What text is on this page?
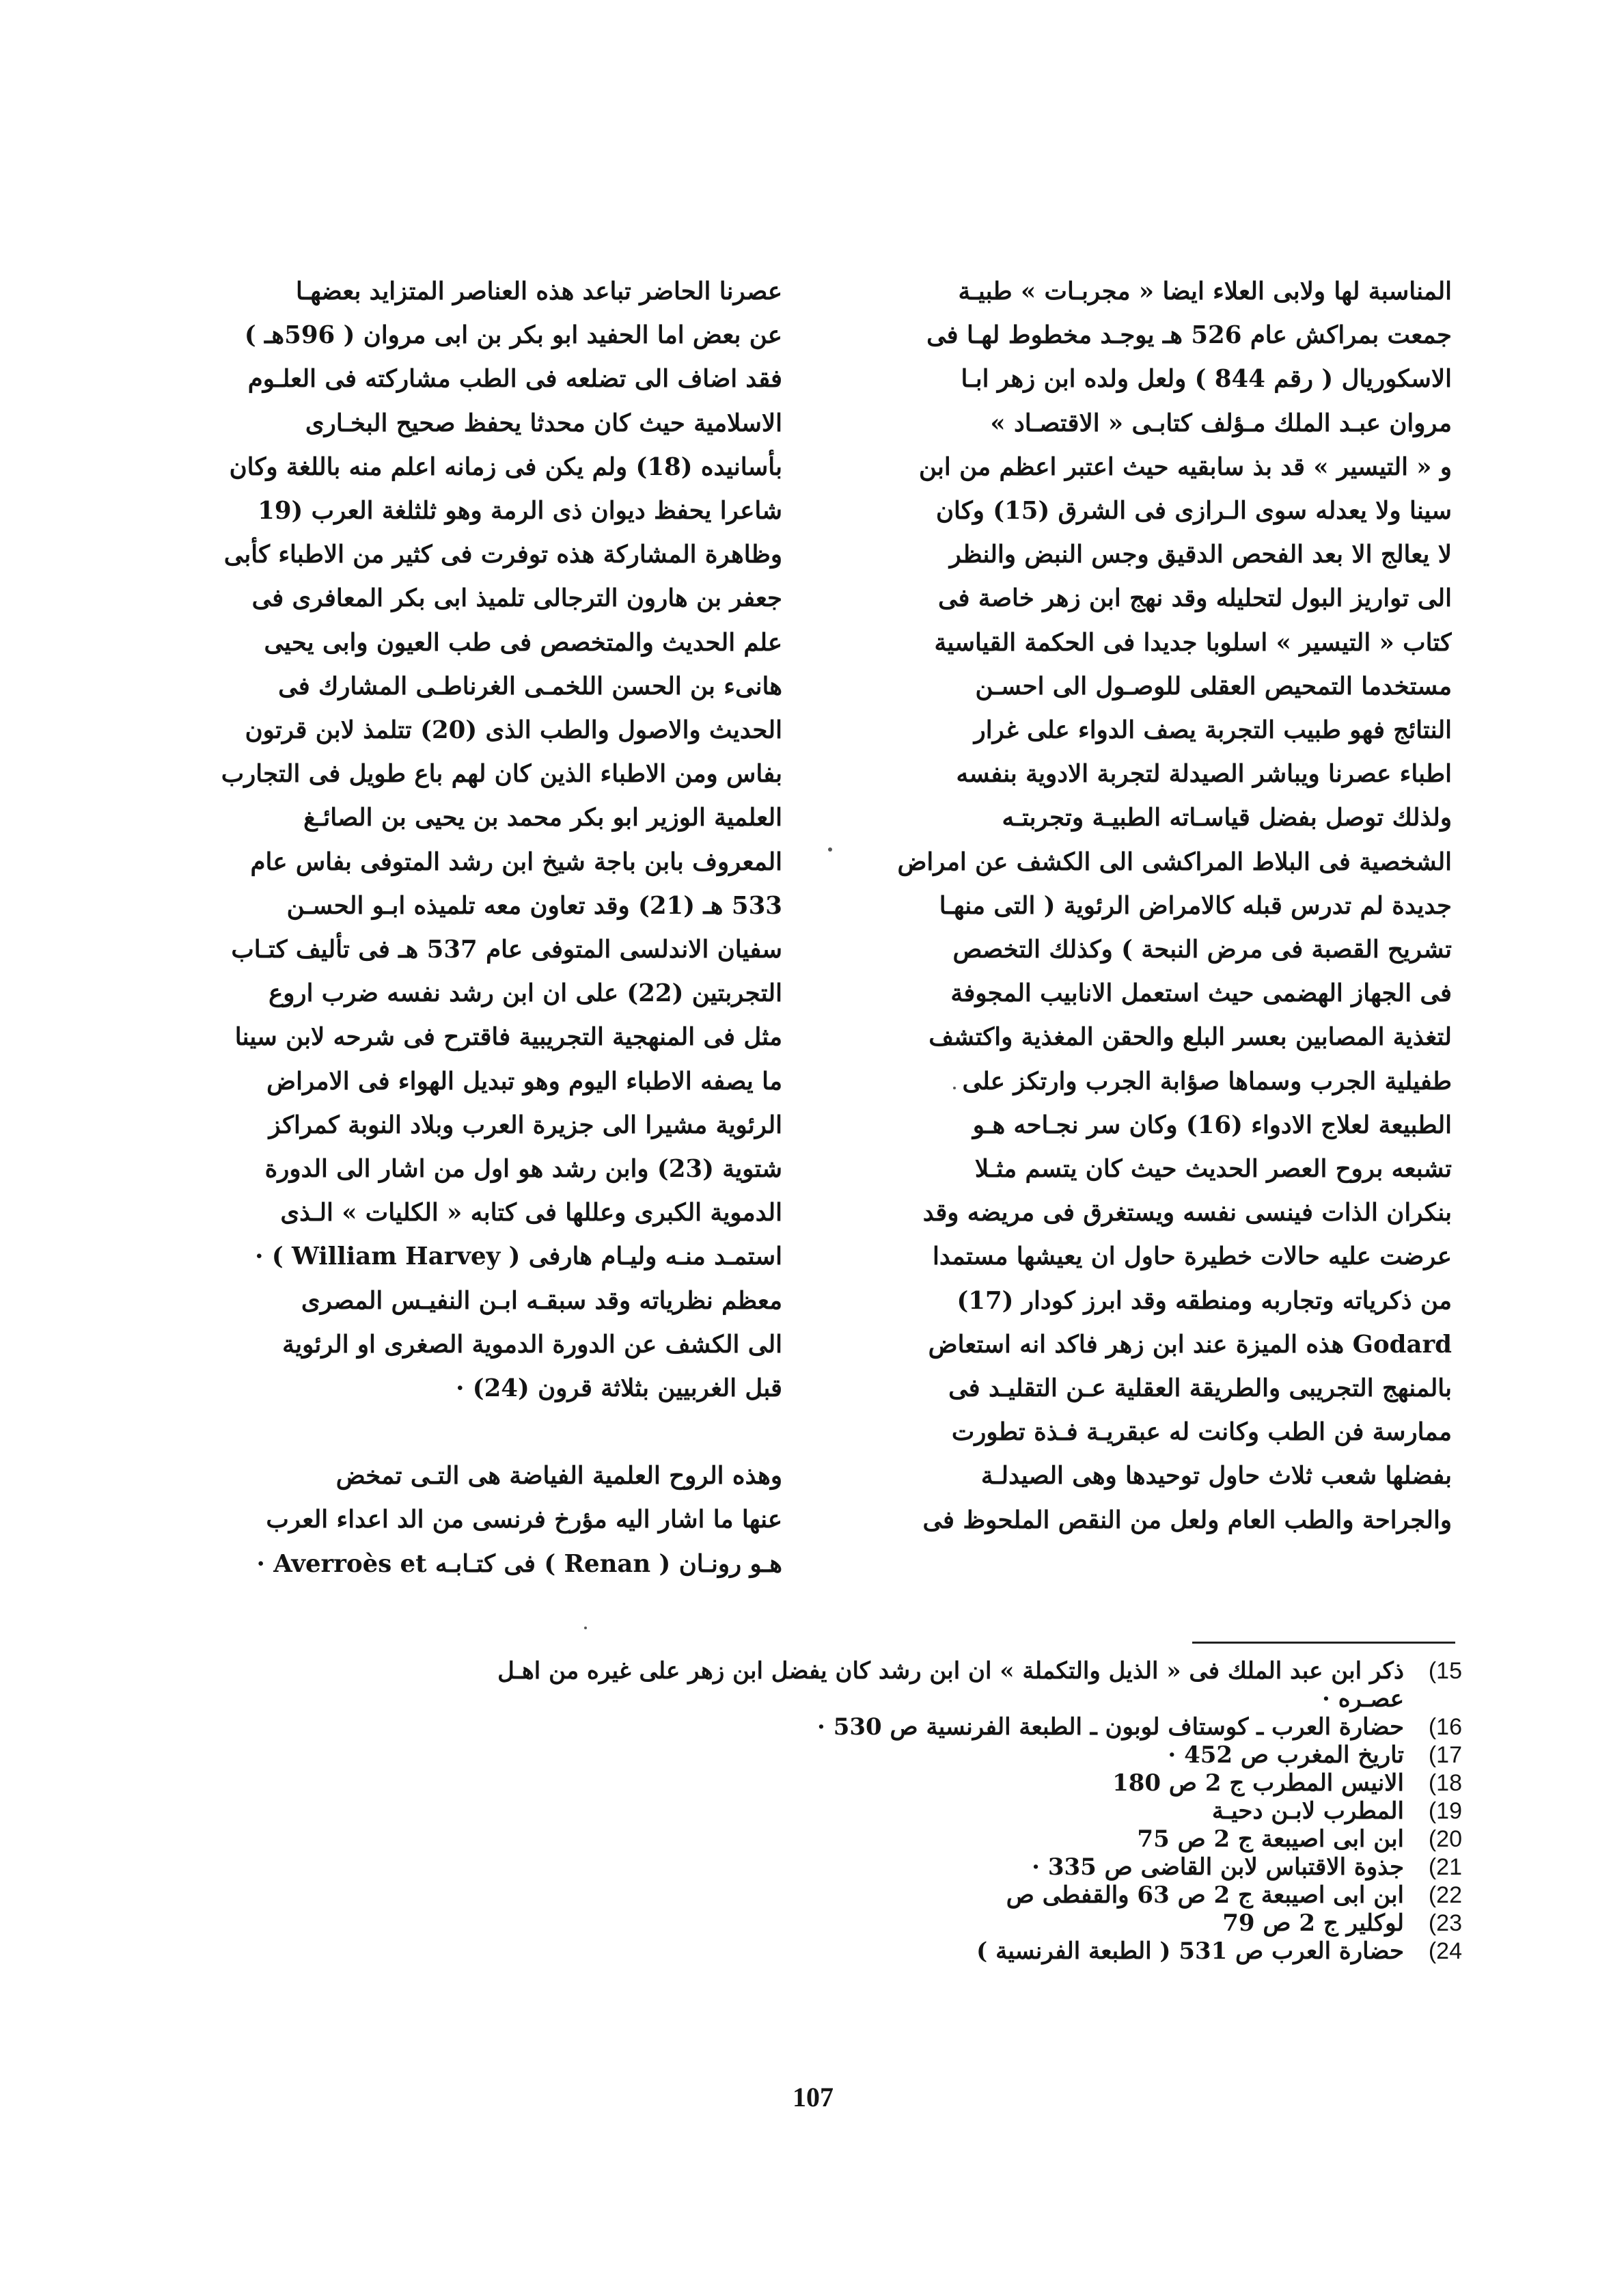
المناسبة لها ولابى العلاء ايضا « مجربـات » طبيـة
جمعت بمراكش عام 526 هـ يوجـد مخطوط لهـا فى
الاسكوريال ( رقم 844 ) ولعل ولده ابن زهر ابـا
مروان عبـد الملك مـؤلف كتابـى « الاقتصـاد »
و « التيسير » قد بذ سابقيه حيث اعتبر اعظم من ابن
سينا ولا يعدله سوى الـرازى فى الشرق (15) وكان
لا يعالج الا بعد الفحص الدقيق وجس النبض والنظر
الى تواريز البول لتحليله وقد نهج ابن زهر خاصة فى
كتاب « التيسير » اسلوبا جديدا فى الحكمة القياسية
مستخدما التمحيص العقلى للوصـول الى احسـن
النتائج فهو طبيب التجربة يصف الدواء على غرار
اطباء عصرنا ويباشر الصيدلة لتجربة الادوية بنفسه
ولذلك توصل بفضل قياسـاته الطبيـة وتجربتـه
الشخصية فى البلاط المراكشى الى الكشف عن امراض
جديدة لم تدرس قبله كالامراض الرئوية ( التى منهـا
تشريح القصبة فى مرض النبحة ) وكذلك التخصص
فى الجهاز الهضمى حيث استعمل الانابيب المجوفة
لتغذية المصابين بعسر البلع والحقن المغذية واكتشف
طفيلية الجرب وسماها صؤابة الجرب وارتكز على
الطبيعة لعلاج الادواء (16) وكان سر نجـاحه هـو
تشبعه بروح العصر الحديث حيث كان يتسم مثـلا
بنكران الذات فينسى نفسه ويستغرق فى مريضه وقد
عرضت عليه حالات خطيرة حاول ان يعيشها مستمدا
من ذكرياته وتجاربه ومنطقه وقد ابرز كودار (17)
Godard هذه الميزة عند ابن زهر فاكد انه استعاض
بالمنهج التجريبى والطريقة العقلية عـن التقليـد فى
ممارسة فن الطب وكانت له عبقريـة فـذة تطورت
بفضلها شعب ثلاث حاول توحيدها وهى الصيدلـة
والجراحة والطب العام ولعل من النقص الملحوظ فى
عصرنا الحاضر تباعد هذه العناصر المتزايد بعضهـا
عن بعض اما الحفيد ابو بكر بن ابى مروان ( 596هـ )
فقد اضاف الى تضلعه فى الطب مشاركته فى العلـوم
الاسلامية حيث كان محدثا يحفظ صحيح البخـارى
بأسانيده (18) ولم يكن فى زمانه اعلم منه باللغة وكان
شاعرا يحفظ ديوان ذى الرمة وهو ثلثلغة العرب (19
وظاهرة المشاركة هذه توفرت فى كثير من الاطباء كأبى
جعفر بن هارون الترجالى تلميذ ابى بكر المعافرى فى
علم الحديث والمتخصص فى طب العيون وابى يحيى
هانىء بن الحسن اللخمـى الغرناطـى المشارك فى
الحديث والاصول والطب الذى (20) تتلمذ لابن قرتون
بفاس ومن الاطباء الذين كان لهم باع طويل فى التجارب
العلمية الوزير ابو بكر محمد بن يحيى بن الصائـغ
المعروف بابن باجة شيخ ابن رشد المتوفى بفاس عام
533 هـ (21) وقد تعاون معه تلميذه ابـو الحسـن
سفيان الاندلسى المتوفى عام 537 هـ فى تأليف كتـاب
التجربتين (22) على ان ابن رشد نفسه ضرب اروع
مثل فى المنهجية التجريبية فاقترح فى شرحه لابن سينا
ما يصفه الاطباء اليوم وهو تبديل الهواء فى الامراض
الرئوية مشيرا الى جزيرة العرب وبلاد النوبة كمراكز
شتوية (23) وابن رشد هو اول من اشار الى الدورة
الدموية الكبرى وعللها فى كتابه « الكليات » الـذى
استمـد منـه وليـام هارفى ( William Harvey ) ·
معظم نظرياته وقد سبقـه ابـن النفيـس المصرى
الى الكشف عن الدورة الدموية الصغرى او الرئوية
قبل الغربيين بثلاثة قرون (24) ·
وهذه الروح العلمية الفياضة هى التـى تمخض
عنها ما اشار اليه مؤرخ فرنسى من الد اعداء العرب
هـو رونـان ( Renan ) فى كتـابـه Averroès et ·
15)
ذكر ابن عبد الملك فى « الذيل والتكملة » ان ابن رشد كان يفضل ابن زهر على غيره من اهـل
عصـره ·
16)
حضارة العرب ـ كوستاف لوبون ـ الطبعة الفرنسية ص 530 ·
17)
تاريخ المغرب ص 452 ·
18)
الانيس المطرب ج 2 ص 180
19)
المطرب لابـن دحيـة
20)
ابن ابى اصيبعة ج 2 ص 75
21)
جذوة الاقتباس لابن القاضى ص 335 ·
22)
ابن ابى اصيبعة ج 2 ص 63 والقفطى ص
23)
لوكلير ج 2 ص 79
24)
حضارة العرب ص 531 ( الطبعة الفرنسية )
107
